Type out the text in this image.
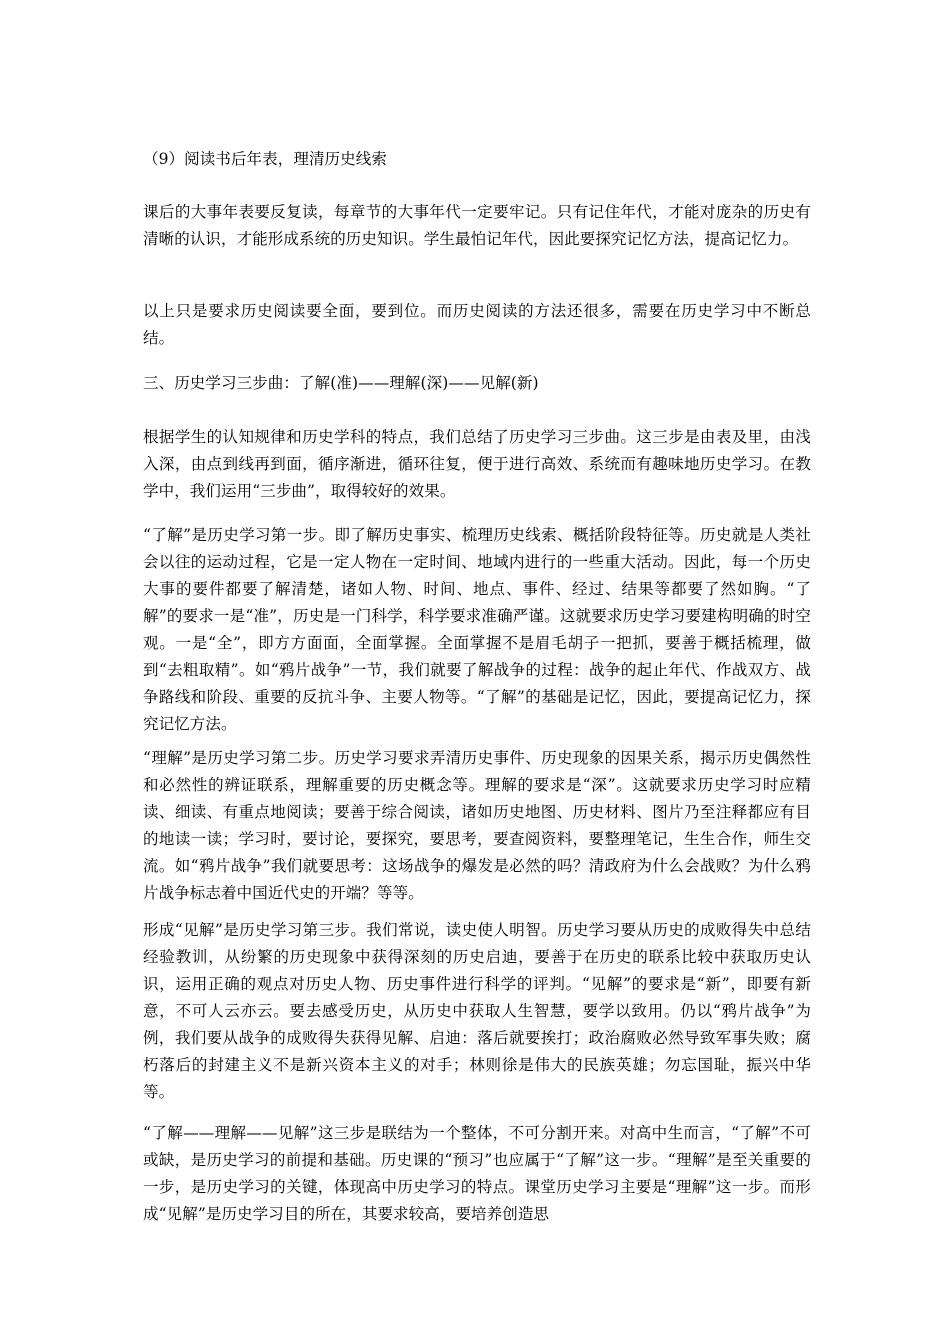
（9）阅读书后年表，理清历史线索

课后的大事年表要反复读，每章节的大事年代一定要牢记。只有记住年代，才能对庞杂的历史有清晰的认识，才能形成系统的历史知识。学生最怕记年代，因此要探究记忆方法，提高记忆力。

以上只是要求历史阅读要全面，要到位。而历史阅读的方法还很多，需要在历史学习中不断总结。

三、历史学习三步曲：了解(准)——理解(深)——见解(新)

根据学生的认知规律和历史学科的特点，我们总结了历史学习三步曲。这三步是由表及里，由浅入深，由点到线再到面，循序渐进，循环往复，便于进行高效、系统而有趣味地历史学习。在教学中，我们运用“三步曲”，取得较好的效果。

“了解”是历史学习第一步。即了解历史事实、梳理历史线索、概括阶段特征等。历史就是人类社会以往的运动过程，它是一定人物在一定时间、地域内进行的一些重大活动。因此，每一个历史大事的要件都要了解清楚，诸如人物、时间、地点、事件、经过、结果等都要了然如胸。“了解”的要求一是“准”，历史是一门科学，科学要求准确严谨。这就要求历史学习要建构明确的时空观。一是“全”，即方方面面，全面掌握。全面掌握不是眉毛胡子一把抓，要善于概括梳理，做到“去粗取精”。如“鸦片战争”一节，我们就要了解战争的过程：战争的起止年代、作战双方、战争路线和阶段、重要的反抗斗争、主要人物等。“了解”的基础是记忆，因此，要提高记忆力，探究记忆方法。

“理解”是历史学习第二步。历史学习要求弄清历史事件、历史现象的因果关系，揭示历史偶然性和必然性的辨证联系，理解重要的历史概念等。理解的要求是“深”。这就要求历史学习时应精读、细读、有重点地阅读；要善于综合阅读，诸如历史地图、历史材料、图片乃至注释都应有目的地读一读；学习时，要讨论，要探究，要思考，要查阅资料，要整理笔记，生生合作，师生交流。如“鸦片战争”我们就要思考：这场战争的爆发是必然的吗？清政府为什么会战败？为什么鸦片战争标志着中国近代史的开端？等等。

形成“见解”是历史学习第三步。我们常说，读史使人明智。历史学习要从历史的成败得失中总结经验教训，从纷繁的历史现象中获得深刻的历史启迪，要善于在历史的联系比较中获取历史认识，运用正确的观点对历史人物、历史事件进行科学的评判。“见解”的要求是“新”，即要有新意，不可人云亦云。要去感受历史，从历史中获取人生智慧，要学以致用。仍以“鸦片战争”为例，我们要从战争的成败得失获得见解、启迪：落后就要挨打；政治腐败必然导致军事失败；腐朽落后的封建主义不是新兴资本主义的对手；林则徐是伟大的民族英雄；勿忘国耻，振兴中华等。

“了解——理解——见解”这三步是联结为一个整体，不可分割开来。对高中生而言，“了解”不可或缺，是历史学习的前提和基础。历史课的“预习”也应属于“了解”这一步。“理解”是至关重要的一步，是历史学习的关键，体现高中历史学习的特点。课堂历史学习主要是“理解”这一步。而形成“见解”是历史学习目的所在，其要求较高，要培养创造思
